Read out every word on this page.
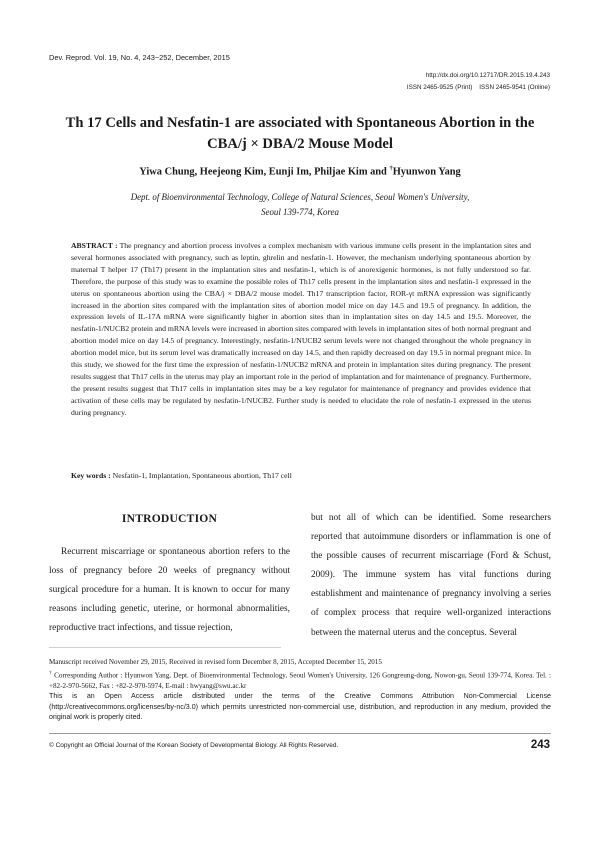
Dev. Reprod. Vol. 19, No. 4, 243~252, December, 2015
http://dx.doi.org/10.12717/DR.2015.19.4.243
ISSN 2465-9525 (Print)    ISSN 2465-9541 (Online)
Th 17 Cells and Nesfatin-1 are associated with Spontaneous Abortion in the
CBA/j × DBA/2 Mouse Model
Yiwa Chung, Heejeong Kim, Eunji Im, Philjae Kim and †Hyunwon Yang
Dept. of Bioenvironmental Technology, College of Natural Sciences, Seoul Women's University,
Seoul 139-774, Korea
ABSTRACT : The pregnancy and abortion process involves a complex mechanism with various immune cells present in the implantation sites and several hormones associated with pregnancy, such as leptin, ghrelin and nesfatin-1. However, the mechanism underlying spontaneous abortion by maternal T helper 17 (Th17) present in the implantation sites and nesfatin-1, which is of anorexigenic hormones, is not fully understood so far. Therefore, the purpose of this study was to examine the possible roles of Th17 cells present in the implantation sites and nesfatin-1 expressed in the uterus on spontaneous abortion using the CBA/j × DBA/2 mouse model. Th17 transcription factor, ROR-γt mRNA expression was significantly increased in the abortion sites compared with the implantation sites of abortion model mice on day 14.5 and 19.5 of pregnancy. In addition, the expression levels of IL-17A mRNA were significantly higher in abortion sites than in implantation sites on day 14.5 and 19.5. Moreover, the nesfatin-1/NUCB2 protein and mRNA levels were increased in abortion sites compared with levels in implantation sites of both normal pregnant and abortion model mice on day 14.5 of pregnancy. Interestingly, nesfatin-1/NUCB2 serum levels were not changed throughout the whole pregnancy in abortion model mice, but its serum level was dramatically increased on day 14.5, and then rapidly decreased on day 19.5 in normal pregnant mice. In this study, we showed for the first time the expression of nesfatin-1/NUCB2 mRNA and protein in implantation sites during pregnancy. The present results suggest that Th17 cells in the uterus may play an important role in the period of implantation and for maintenance of pregnancy. Furthermore, the present results suggest that Th17 cells in implantation sites may be a key regulator for maintenance of pregnancy and provides evidence that activation of these cells may be regulated by nesfatin-1/NUCB2. Further study is needed to elucidate the role of nesfatin-1 expressed in the uterus during pregnancy.
Key words : Nesfatin-1, Implantation, Spontaneous abortion, Th17 cell
INTRODUCTION
Recurrent miscarriage or spontaneous abortion refers to the loss of pregnancy before 20 weeks of pregnancy without surgical procedure for a human. It is known to occur for many reasons including genetic, uterine, or hormonal abnormalities, reproductive tract infections, and tissue rejection,
but not all of which can be identified. Some researchers reported that autoimmune disorders or inflammation is one of the possible causes of recurrent miscarriage (Ford & Schust, 2009). The immune system has vital functions during establishment and maintenance of pregnancy involving a series of complex process that require well-organized interactions between the maternal uterus and the conceptus. Several
Manuscript received November 29, 2015, Received in revised form December 8, 2015, Accepted December 15, 2015
† Corresponding Author : Hyunwon Yang, Dept. of Bioenvironmental Technology, Seoul Women's University, 126 Gongreung-dong, Nowon-gu, Seoul 139-774, Korea. Tel. : +82-2-970-5662, Fax : +82-2-970-5974, E-mail : hwyang@swu.ac.kr
This is an Open Access article distributed under the terms of the Creative Commons Attribution Non-Commercial License (http://creativecommons.org/licenses/by-nc/3.0) which permits unrestricted non-commercial use, distribution, and reproduction in any medium, provided the original work is properly cited.
© Copyright an Official Journal of the Korean Society of Developmental Biology. All Rights Reserved.	243
